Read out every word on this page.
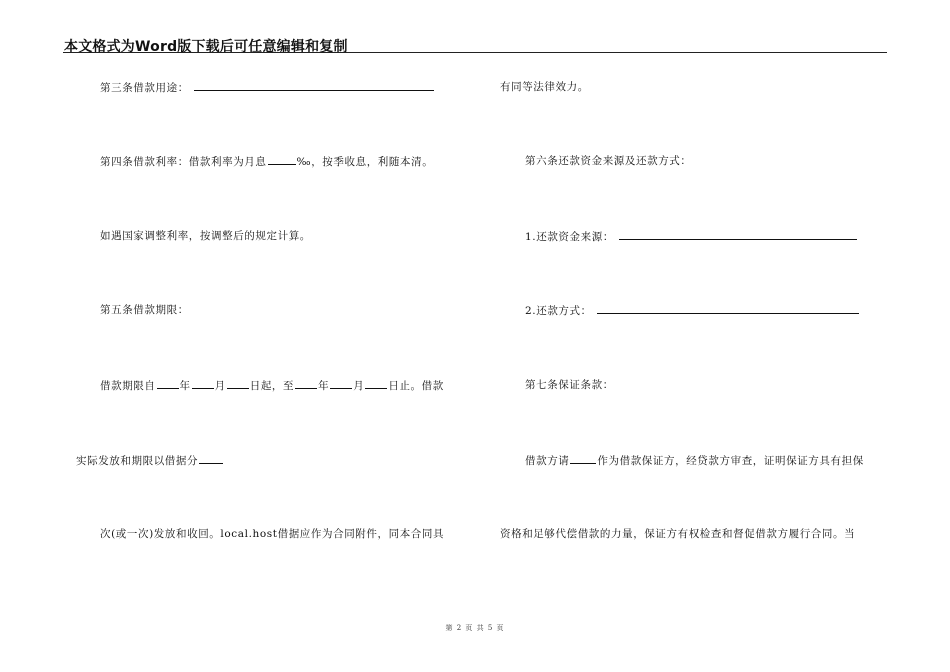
本文格式为Word版下载后可任意编辑和复制
第三条借款用途：
第四条借款利率：借款利率为月息	‰，按季收息，利随本清。
如遇国家调整利率，按调整后的规定计算。
第五条借款期限：
借款期限自 年 月 日起，至 年 月 日止。借款
实际发放和期限以借据分
次(或一次)发放和收回。local.host借据应作为合同附件，同本合同具
有同等法律效力。
第六条还款资金来源及还款方式：
1.还款资金来源：
2.还款方式：
第七条保证条款：
借款方请	作为借款保证方，经贷款方审查，证明保证方具有担保
资格和足够代偿借款的力量，保证方有权检查和督促借款方履行合同。当
第 2 页 共 5 页
